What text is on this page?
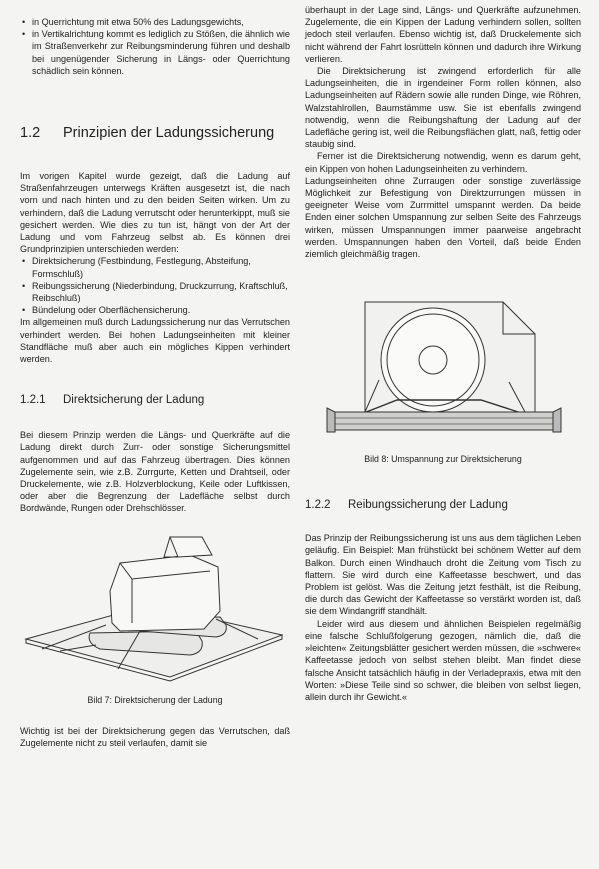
• in Querrichtung mit etwa 50% des Ladungsgewichts,
• in Vertikalrichtung kommt es lediglich zu Stößen, die ähnlich wie im Straßenverkehr zur Reibungsminderung führen und deshalb bei ungenügender Sicherung in Längs- oder Querrichtung schädlich sein können.
1.2 Prinzipien der Ladungssicherung

Im vorigen Kapitel wurde gezeigt, daß die Ladung auf Straßenfahrzeugen unterwegs Kräften ausgesetzt ist, die nach vorn und nach hinten und zu den beiden Seiten wirken. Um zu verhindern, daß die Ladung verrutscht oder herunterkippt, muß sie gesichert werden. Wie dies zu tun ist, hängt von der Art der Ladung und vom Fahrzeug selbst ab. Es können drei Grundprinzipien unterschieden werden:

• Direktsicherung (Festbindung, Festlegung, Absteifung, Formschluß)
• Reibungssicherung (Niederbindung, Druckzurrung, Kraftschluß, Reibschluß)
• Bündelung oder Oberflächensicherung.

Im allgemeinen muß durch Ladungssicherung nur das Verrutschen verhindert werden. Bei hohen Ladungseinheiten mit kleiner Standfläche muß aber auch ein mögliches Kippen verhindert werden.

1.2.1 Direktsicherung der Ladung

Bei diesem Prinzip werden die Längs- und Querkräfte auf die Ladung direkt durch Zurr- oder sonstige Sicherungsmittel aufgenommen und auf das Fahrzeug übertragen. Dies können Zugelemente sein, wie z.B. Zurrgurte, Ketten und Drahtseil, oder Druckelemente, wie z.B. Holzverblockung, Keile oder Luftkissen, oder aber die Begrenzung der Ladefläche selbst durch Bordwände, Rungen oder Drehschlösser.

Bild 7: Direktsicherung der Ladung

Wichtig ist bei der Direktsicherung gegen das Verrutschen, daß Zugelemente nicht zu steil verlaufen, damit sie

überhaupt in der Lage sind, Längs- und Querkräfte aufzunehmen. Zugelemente, die ein Kippen der Ladung verhindern sollen, sollten jedoch steil verlaufen. Ebenso wichtig ist, daß Druckelemente sich nicht während der Fahrt losrütteln können und dadurch ihre Wirkung verlieren.

Die Direktsicherung ist zwingend erforderlich für alle Ladungseinheiten, die in irgendeiner Form rollen können, also Ladungseinheiten auf Rädern sowie alle runden Dinge, wie Röhren, Walzstahlrollen, Baumstämme usw. Sie ist ebenfalls zwingend notwendig, wenn die Reibungshaftung der Ladung auf der Ladefläche gering ist, weil die Reibungsflächen glatt, naß, fettig oder staubig sind.

Ferner ist die Direktsicherung notwendig, wenn es darum geht, ein Kippen von hohen Ladungseinheiten zu verhindern.

Ladungseinheiten ohne Zurraugen oder sonstige zuverlässige Möglichkeit zur Befestigung von Direktzurrungen müssen in geeigneter Weise vom Zurrmittel umspannt werden. Da beide Enden einer solchen Umspannung zur selben Seite des Fahrzeugs wirken, müssen Umspannungen immer paarweise angebracht werden. Umspannungen haben den Vorteil, daß beide Enden ziemlich gleichmäßig tragen.

Bild 8: Umspannung zur Direktsicherung

1.2.2 Reibungssicherung der Ladung

Das Prinzip der Reibungssicherung ist uns aus dem täglichen Leben geläufig. Ein Beispiel: Man frühstückt bei schönem Wetter auf dem Balkon. Durch einen Windhauch droht die Zeitung vom Tisch zu flattern. Sie wird durch eine Kaffeetasse beschwert, und das Problem ist gelöst. Was die Zeitung jetzt festhält, ist die Reibung, die durch das Gewicht der Kaffeetasse so verstärkt worden ist, daß sie dem Windangriff standhält.

Leider wird aus diesem und ähnlichen Beispielen regelmäßig eine falsche Schlußfolgerung gezogen, nämlich die, daß die »leichten« Zeitungsblätter gesichert werden müssen, die »schwere« Kaffeetasse jedoch von selbst stehen bleibt. Man findet diese falsche Ansicht tatsächlich häufig in der Verladepraxis, etwa mit den Worten: »Diese Teile sind so schwer, die bleiben von selbst liegen, allein durch ihr Gewicht.«
